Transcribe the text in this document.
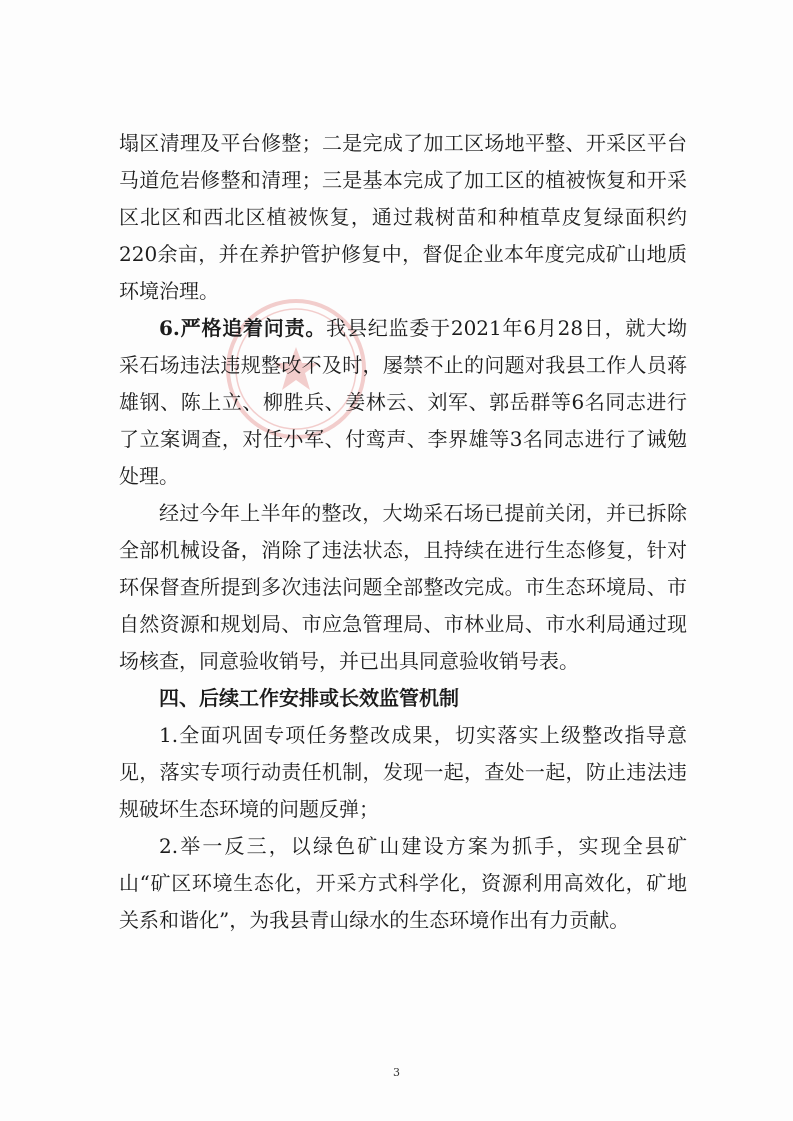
塌区清理及平台修整；二是完成了加工区场地平整、开采区平台马道危岩修整和清理；三是基本完成了加工区的植被恢复和开采区北区和西北区植被恢复，通过栽树苗和种植草皮复绿面积约220余亩，并在养护管护修复中，督促企业本年度完成矿山地质环境治理。

6.严格追着问责。我县纪监委于2021年6月28日，就大坳采石场违法违规整改不及时，屡禁不止的问题对我县工作人员蒋雄钢、陈上立、柳胜兵、姜林云、刘军、郭岳群等6名同志进行了立案调查，对任小军、付鸾声、李界雄等3名同志进行了诫勉处理。

经过今年上半年的整改，大坳采石场已提前关闭，并已拆除全部机械设备，消除了违法状态，且持续在进行生态修复，针对环保督查所提到多次违法问题全部整改完成。市生态环境局、市自然资源和规划局、市应急管理局、市林业局、市水利局通过现场核查，同意验收销号，并已出具同意验收销号表。

四、后续工作安排或长效监管机制

1.全面巩固专项任务整改成果，切实落实上级整改指导意见，落实专项行动责任机制，发现一起，查处一起，防止违法违规破坏生态环境的问题反弹；

2.举一反三，以绿色矿山建设方案为抓手，实现全县矿山“矿区环境生态化，开采方式科学化，资源利用高效化，矿地关系和谐化”，为我县青山绿水的生态环境作出有力贡献。

3
